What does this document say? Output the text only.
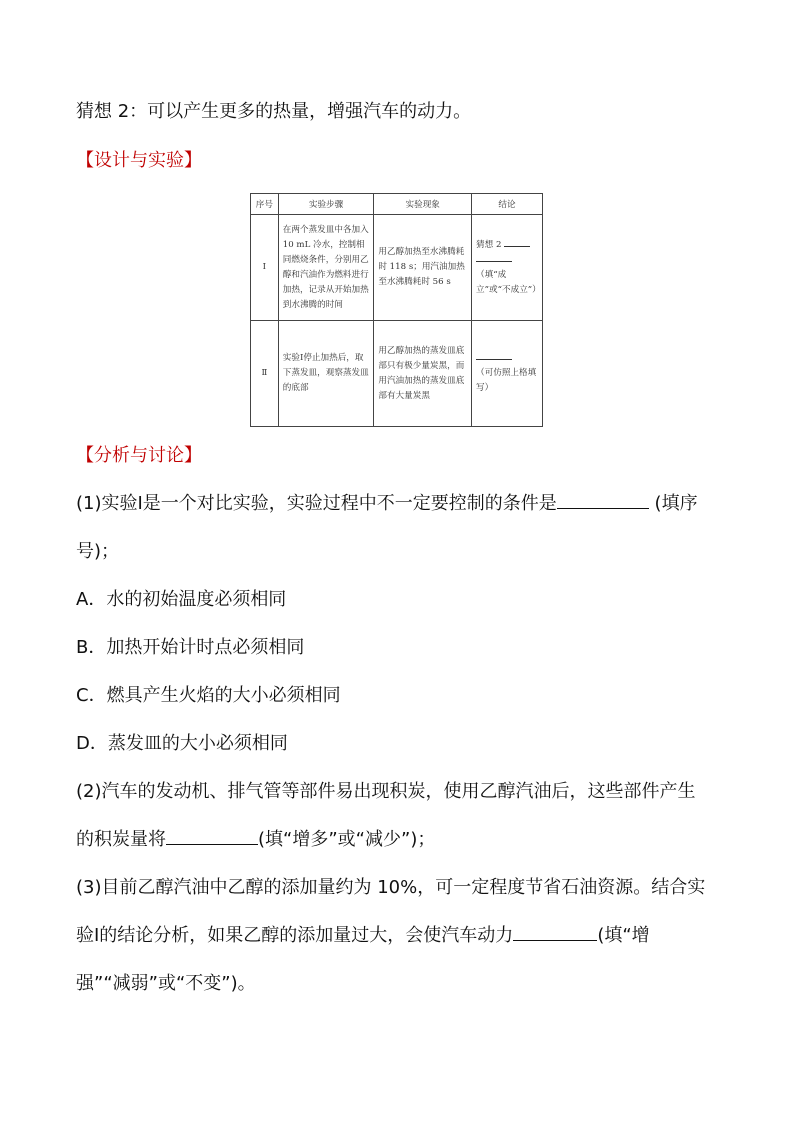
猜想 2：可以产生更多的热量，增强汽车的动力。
【设计与实验】
序号	实验步骤	实验现象	结论
Ⅰ	在两个蒸发皿中各加入 10 mL 冷水，控制相同燃烧条件，分别用乙醇和汽油作为燃料进行加热，记录从开始加热到水沸腾的时间	用乙醇加热至水沸腾耗时 118 s；用汽油加热至水沸腾耗时 56 s	猜想 2   （填“成立”或“不成立”）
Ⅱ	实验Ⅰ停止加热后，取下蒸发皿，观察蒸发皿的底部	用乙醇加热的蒸发皿底部只有极少量炭黑，而用汽油加热的蒸发皿底部有大量炭黑	（可仿照上格填写）
【分析与讨论】
(1)实验Ⅰ是一个对比实验，实验过程中不一定要控制的条件是	(填序
号)；
A．水的初始温度必须相同
B．加热开始计时点必须相同
C．燃具产生火焰的大小必须相同
D．蒸发皿的大小必须相同
(2)汽车的发动机、排气管等部件易出现积炭，使用乙醇汽油后，这些部件产生
的积炭量将	(填“增多”或“减少”)；
(3)目前乙醇汽油中乙醇的添加量约为 10%，可一定程度节省石油资源。结合实
验Ⅰ的结论分析，如果乙醇的添加量过大，会使汽车动力	(填“增
强”“减弱”或“不变”)。
